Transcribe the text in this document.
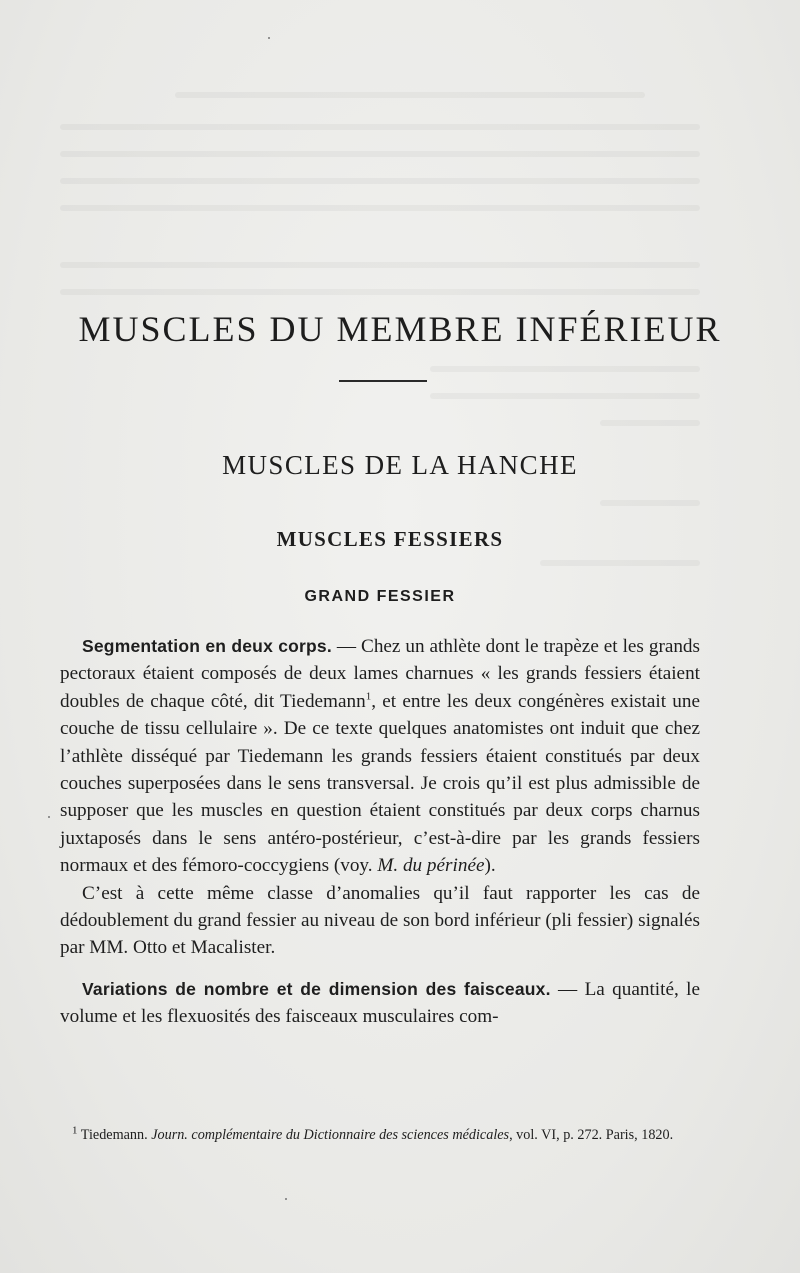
MUSCLES DU MEMBRE INFÉRIEUR
MUSCLES DE LA HANCHE
MUSCLES FESSIERS
GRAND FESSIER

Segmentation en deux corps. — Chez un athlète dont le trapèze et les grands pectoraux étaient composés de deux lames charnues « les grands fessiers étaient doubles de chaque côté, dit Tiedemann$^1$, et entre les deux congénères existait une couche de tissu cellulaire ». De ce texte quelques anatomistes ont induit que chez l’athlète disséqué par Tiedemann les grands fessiers étaient constitués par deux couches superposées dans le sens transversal. Je crois qu’il est plus admissible de supposer que les muscles en question étaient constitués par deux corps charnus juxtaposés dans le sens antéro-postérieur, c’est-à-dire par les grands fessiers normaux et des fémoro-coccygiens (voy. M. du périnée).

C’est à cette même classe d’anomalies qu’il faut rapporter les cas de dédoublement du grand fessier au niveau de son bord inférieur (pli fessier) signalés par MM. Otto et Macalister.

Variations de nombre et de dimension des faisceaux. — La quantité, le volume et les flexuosités des faisceaux musculaires com-

$^1$ Tiedemann. Journ. complémentaire du Dictionnaire des sciences médicales, vol. VI, p. 272. Paris, 1820.
